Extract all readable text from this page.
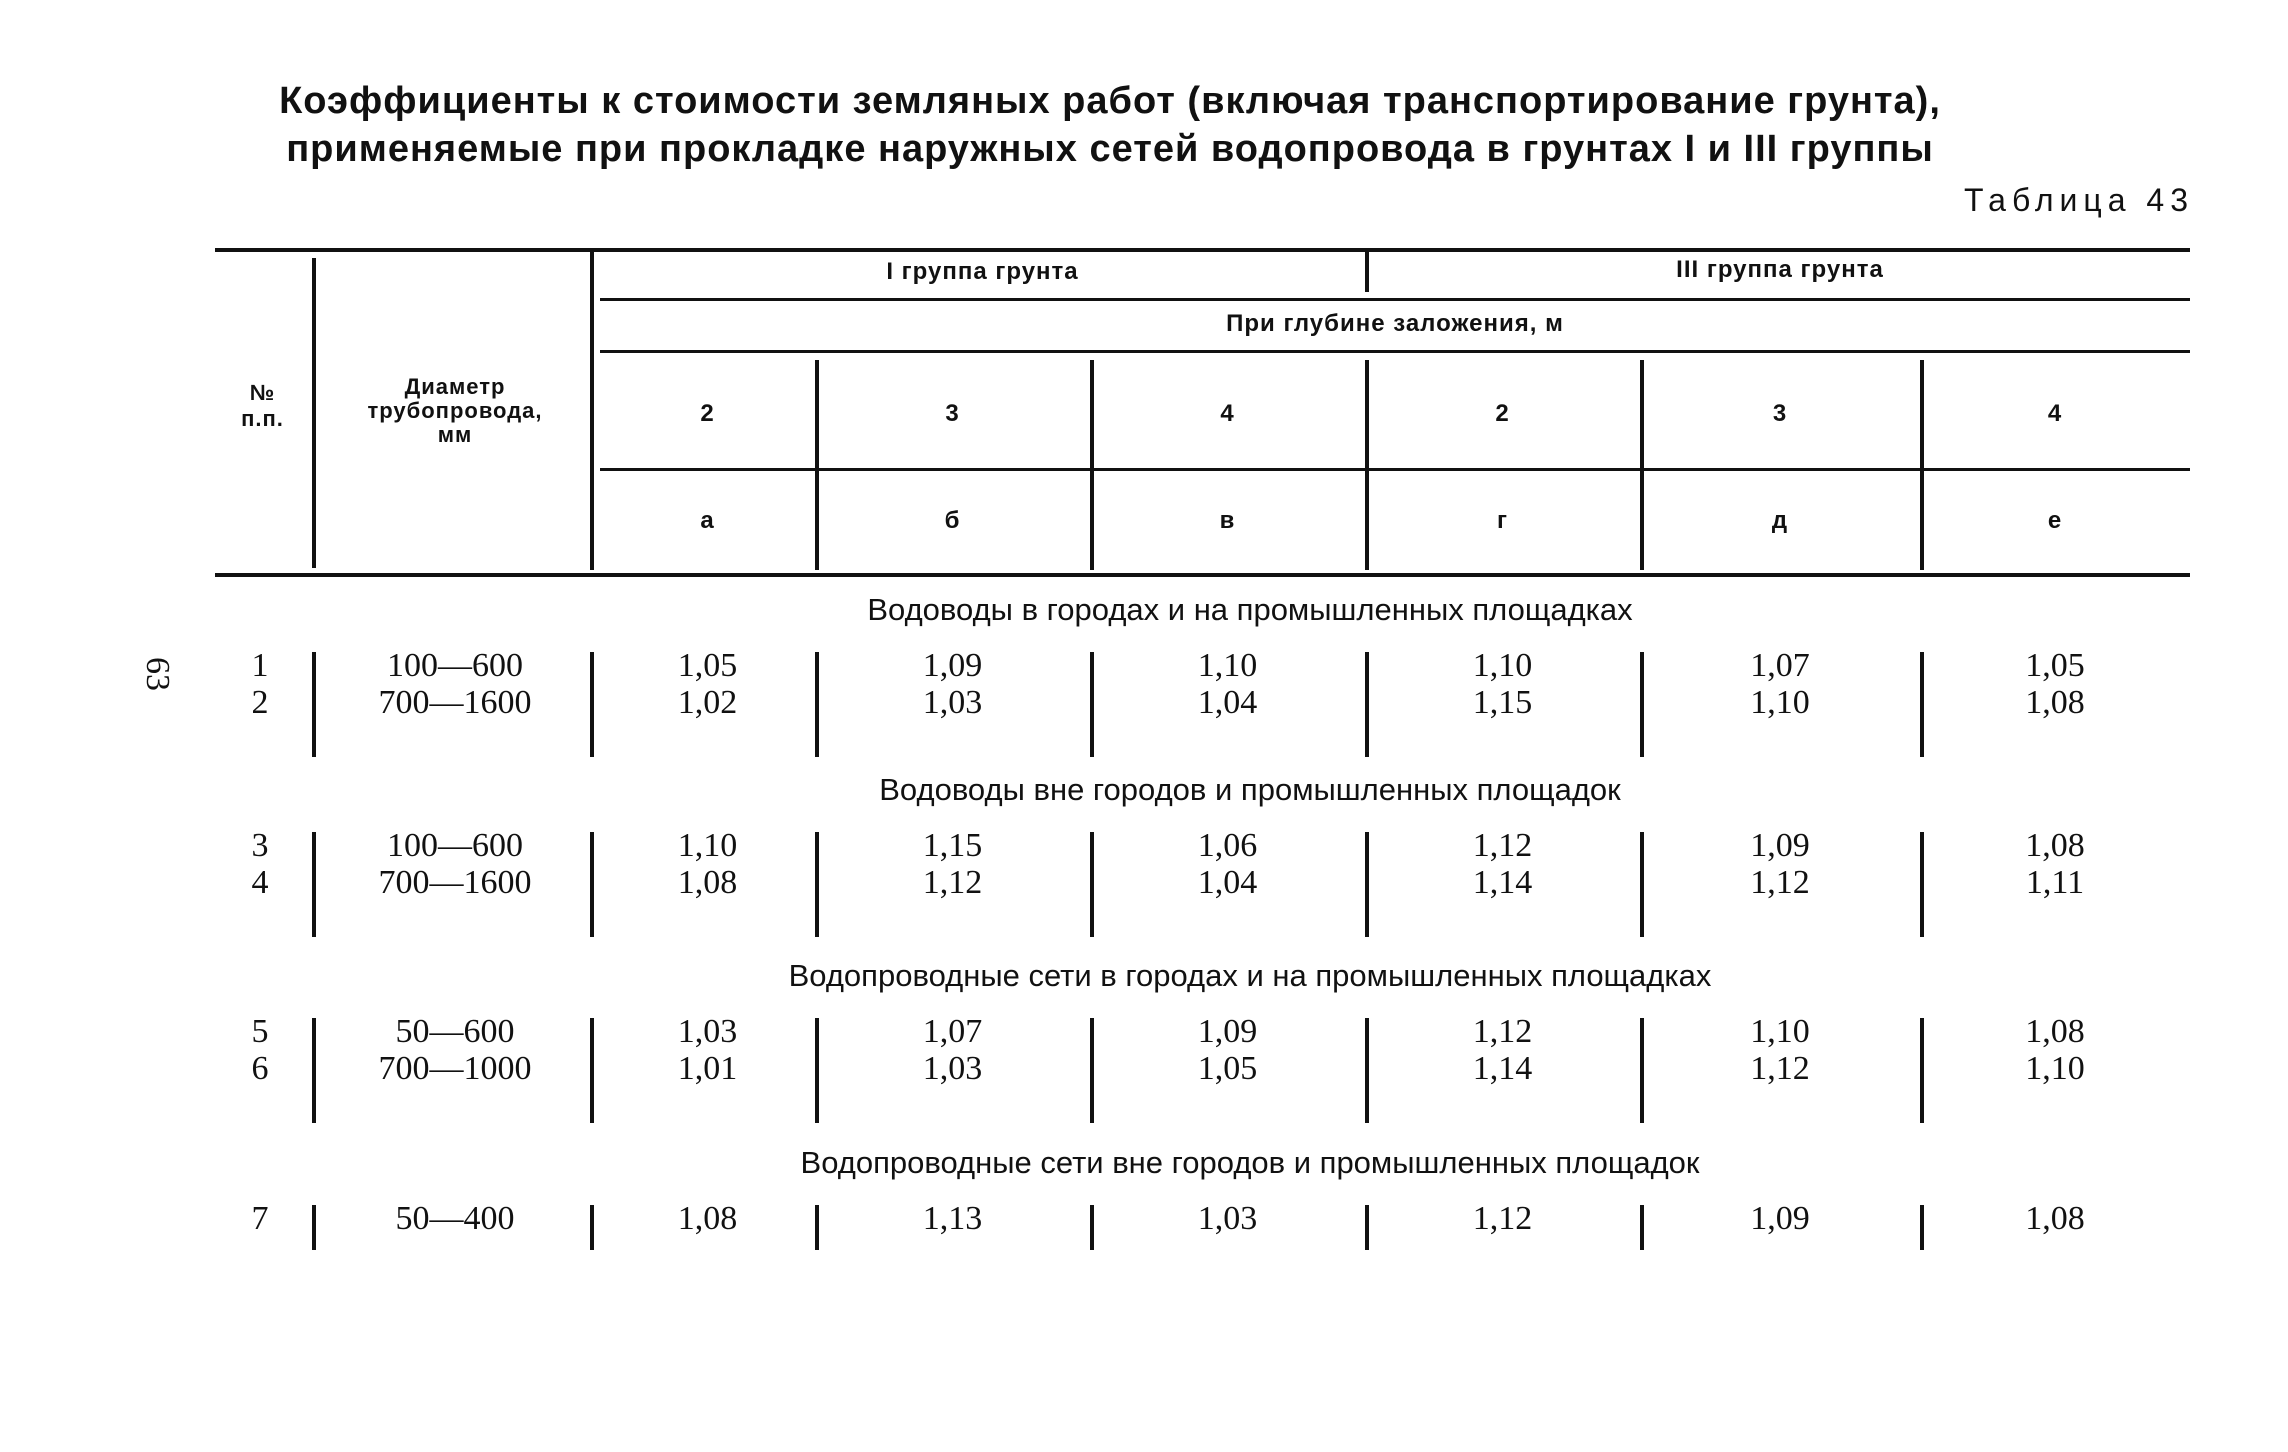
Коэффициенты к стоимости земляных работ (включая транспортирование грунта),
применяемые при прокладке наружных сетей водопровода в грунтах I и III группы
Таблица 43
63
№
п.п.
Диаметр
трубопровода,
мм
I группа грунта	III группа грунта
При глубине заложения, м
2	3	4	2	3	4
а	б	в	г	д	е
Водоводы в городах и на промышленных площадках
1	100—600	1,05	1,09	1,10	1,10	1,07	1,05
2	700—1600	1,02	1,03	1,04	1,15	1,10	1,08
Водоводы вне городов и промышленных площадок
3	100—600	1,10	1,15	1,06	1,12	1,09	1,08
4	700—1600	1,08	1,12	1,04	1,14	1,12	1,11
Водопроводные сети в городах и на промышленных площадках
5	50—600	1,03	1,07	1,09	1,12	1,10	1,08
6	700—1000	1,01	1,03	1,05	1,14	1,12	1,10
Водопроводные сети вне городов и промышленных площадок
7	50—400	1,08	1,13	1,03	1,12	1,09	1,08
